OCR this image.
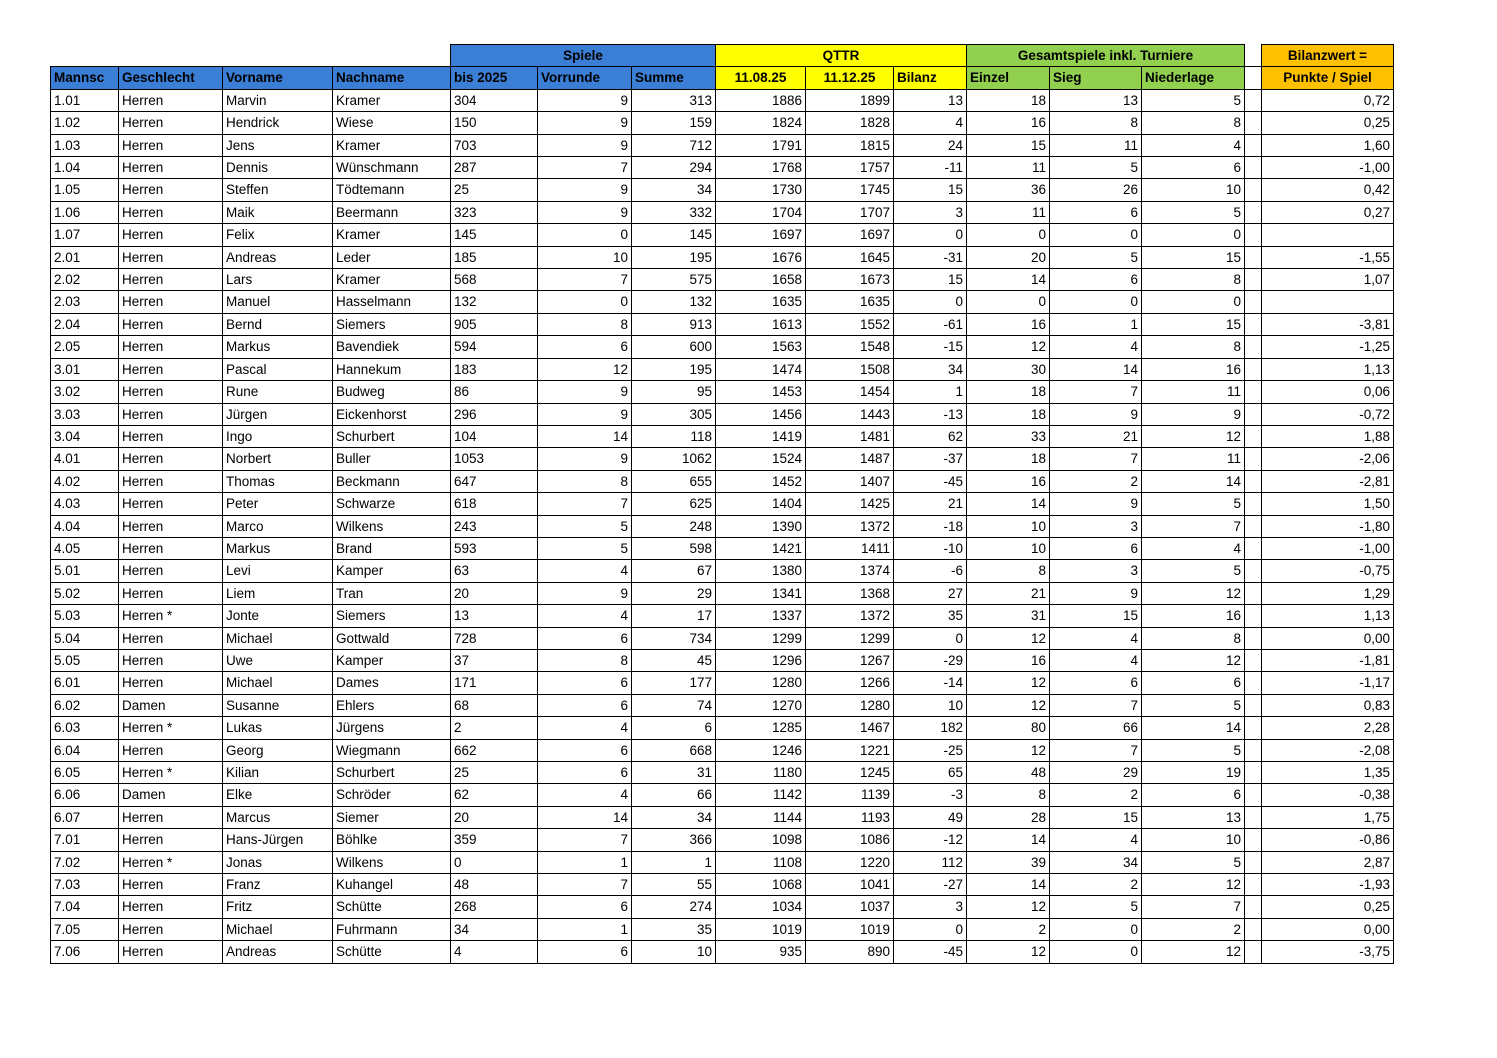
				Spiele			QTTR			Gesamtspiele inkl. Turniere				Bilanzwert =
Mannsc	Geschlecht	Vorname	Nachname	bis 2025	Vorrunde	Summe	11.08.25	11.12.25	Bilanz	Einzel	Sieg	Niederlage		Punkte / Spiel
1.01	Herren	Marvin	Kramer	304	9	313	1886	1899	13	18	13	5		0,72
1.02	Herren	Hendrick	Wiese	150	9	159	1824	1828	4	16	8	8		0,25
1.03	Herren	Jens	Kramer	703	9	712	1791	1815	24	15	11	4		1,60
1.04	Herren	Dennis	Wünschmann	287	7	294	1768	1757	-11	11	5	6		-1,00
1.05	Herren	Steffen	Tödtemann	25	9	34	1730	1745	15	36	26	10		0,42
1.06	Herren	Maik	Beermann	323	9	332	1704	1707	3	11	6	5		0,27
1.07	Herren	Felix	Kramer	145	0	145	1697	1697	0	0	0	0		
2.01	Herren	Andreas	Leder	185	10	195	1676	1645	-31	20	5	15		-1,55
2.02	Herren	Lars	Kramer	568	7	575	1658	1673	15	14	6	8		1,07
2.03	Herren	Manuel	Hasselmann	132	0	132	1635	1635	0	0	0	0		
2.04	Herren	Bernd	Siemers	905	8	913	1613	1552	-61	16	1	15		-3,81
2.05	Herren	Markus	Bavendiek	594	6	600	1563	1548	-15	12	4	8		-1,25
3.01	Herren	Pascal	Hannekum	183	12	195	1474	1508	34	30	14	16		1,13
3.02	Herren	Rune	Budweg	86	9	95	1453	1454	1	18	7	11		0,06
3.03	Herren	Jürgen	Eickenhorst	296	9	305	1456	1443	-13	18	9	9		-0,72
3.04	Herren	Ingo	Schurbert	104	14	118	1419	1481	62	33	21	12		1,88
4.01	Herren	Norbert	Buller	1053	9	1062	1524	1487	-37	18	7	11		-2,06
4.02	Herren	Thomas	Beckmann	647	8	655	1452	1407	-45	16	2	14		-2,81
4.03	Herren	Peter	Schwarze	618	7	625	1404	1425	21	14	9	5		1,50
4.04	Herren	Marco	Wilkens	243	5	248	1390	1372	-18	10	3	7		-1,80
4.05	Herren	Markus	Brand	593	5	598	1421	1411	-10	10	6	4		-1,00
5.01	Herren	Levi	Kamper	63	4	67	1380	1374	-6	8	3	5		-0,75
5.02	Herren	Liem	Tran	20	9	29	1341	1368	27	21	9	12		1,29
5.03	Herren *	Jonte	Siemers	13	4	17	1337	1372	35	31	15	16		1,13
5.04	Herren	Michael	Gottwald	728	6	734	1299	1299	0	12	4	8		0,00
5.05	Herren	Uwe	Kamper	37	8	45	1296	1267	-29	16	4	12		-1,81
6.01	Herren	Michael	Dames	171	6	177	1280	1266	-14	12	6	6		-1,17
6.02	Damen	Susanne	Ehlers	68	6	74	1270	1280	10	12	7	5		0,83
6.03	Herren *	Lukas	Jürgens	2	4	6	1285	1467	182	80	66	14		2,28
6.04	Herren	Georg	Wiegmann	662	6	668	1246	1221	-25	12	7	5		-2,08
6.05	Herren *	Kilian	Schurbert	25	6	31	1180	1245	65	48	29	19		1,35
6.06	Damen	Elke	Schröder	62	4	66	1142	1139	-3	8	2	6		-0,38
6.07	Herren	Marcus	Siemer	20	14	34	1144	1193	49	28	15	13		1,75
7.01	Herren	Hans-Jürgen	Böhlke	359	7	366	1098	1086	-12	14	4	10		-0,86
7.02	Herren *	Jonas	Wilkens	0	1	1	1108	1220	112	39	34	5		2,87
7.03	Herren	Franz	Kuhangel	48	7	55	1068	1041	-27	14	2	12		-1,93
7.04	Herren	Fritz	Schütte	268	6	274	1034	1037	3	12	5	7		0,25
7.05	Herren	Michael	Fuhrmann	34	1	35	1019	1019	0	2	0	2		0,00
7.06	Herren	Andreas	Schütte	4	6	10	935	890	-45	12	0	12		-3,75
